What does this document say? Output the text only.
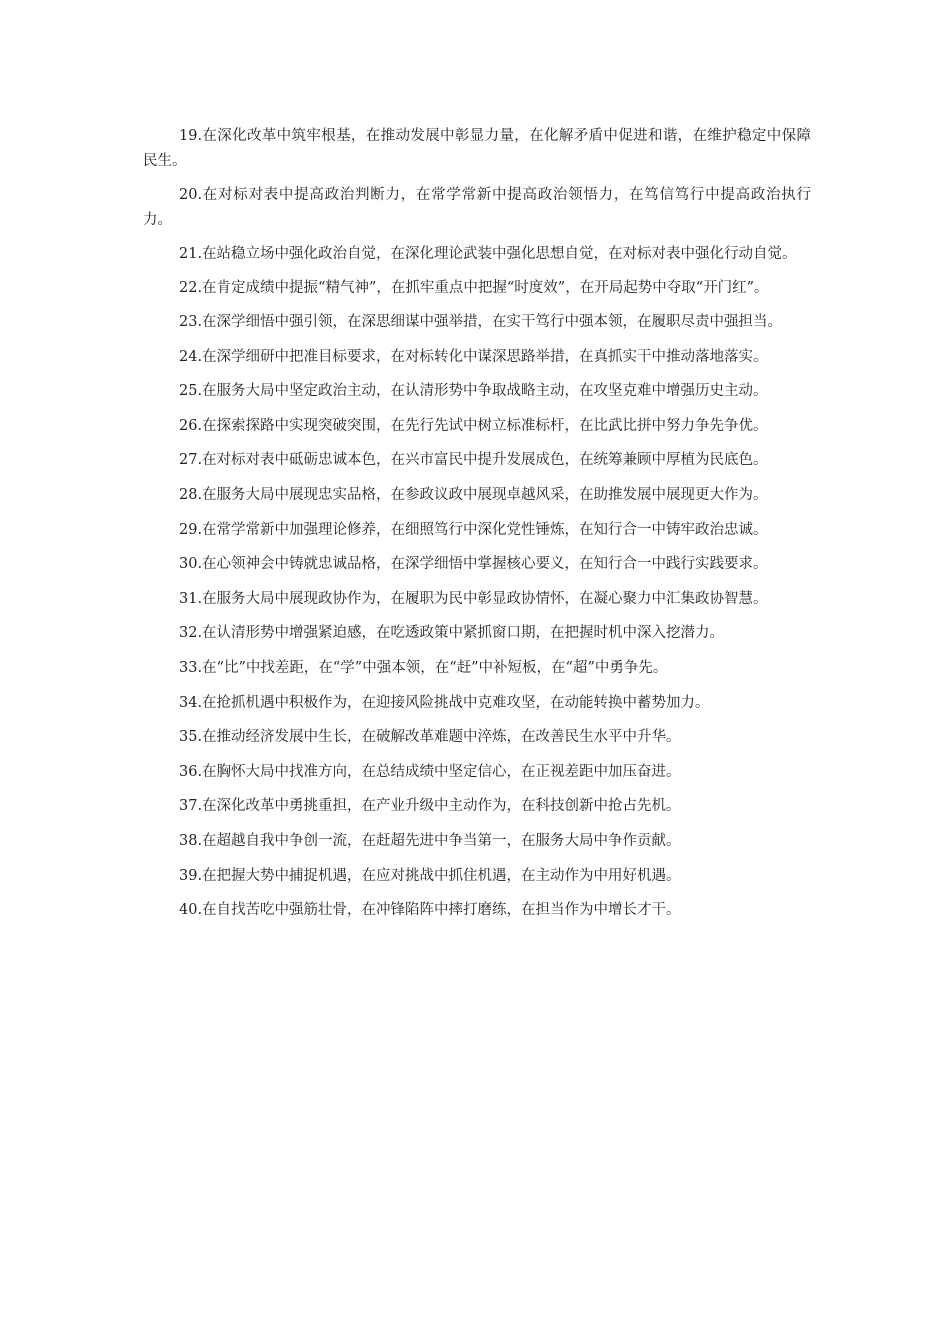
19.在深化改革中筑牢根基，在推动发展中彰显力量，在化解矛盾中促进和谐，在维护稳定中保障民生。

20.在对标对表中提高政治判断力，在常学常新中提高政治领悟力，在笃信笃行中提高政治执行力。

21.在站稳立场中强化政治自觉，在深化理论武装中强化思想自觉，在对标对表中强化行动自觉。

22.在肯定成绩中提振“精气神”，在抓牢重点中把握“时度效”，在开局起势中夺取“开门红”。

23.在深学细悟中强引领，在深思细谋中强举措，在实干笃行中强本领，在履职尽责中强担当。

24.在深学细研中把准目标要求，在对标转化中谋深思路举措，在真抓实干中推动落地落实。

25.在服务大局中坚定政治主动，在认清形势中争取战略主动，在攻坚克难中增强历史主动。

26.在探索探路中实现突破突围，在先行先试中树立标准标杆，在比武比拼中努力争先争优。

27.在对标对表中砥砺忠诚本色，在兴市富民中提升发展成色，在统筹兼顾中厚植为民底色。

28.在服务大局中展现忠实品格，在参政议政中展现卓越风采，在助推发展中展现更大作为。

29.在常学常新中加强理论修养，在细照笃行中深化党性锤炼，在知行合一中铸牢政治忠诚。

30.在心领神会中铸就忠诚品格，在深学细悟中掌握核心要义，在知行合一中践行实践要求。

31.在服务大局中展现政协作为，在履职为民中彰显政协情怀，在凝心聚力中汇集政协智慧。

32.在认清形势中增强紧迫感，在吃透政策中紧抓窗口期，在把握时机中深入挖潜力。

33.在“比”中找差距，在“学”中强本领，在“赶”中补短板，在“超”中勇争先。

34.在抢抓机遇中积极作为，在迎接风险挑战中克难攻坚，在动能转换中蓄势加力。

35.在推动经济发展中生长，在破解改革难题中淬炼，在改善民生水平中升华。

36.在胸怀大局中找准方向，在总结成绩中坚定信心，在正视差距中加压奋进。

37.在深化改革中勇挑重担，在产业升级中主动作为，在科技创新中抢占先机。

38.在超越自我中争创一流，在赶超先进中争当第一，在服务大局中争作贡献。

39.在把握大势中捕捉机遇，在应对挑战中抓住机遇，在主动作为中用好机遇。

40.在自找苦吃中强筋壮骨，在冲锋陷阵中摔打磨练，在担当作为中增长才干。
